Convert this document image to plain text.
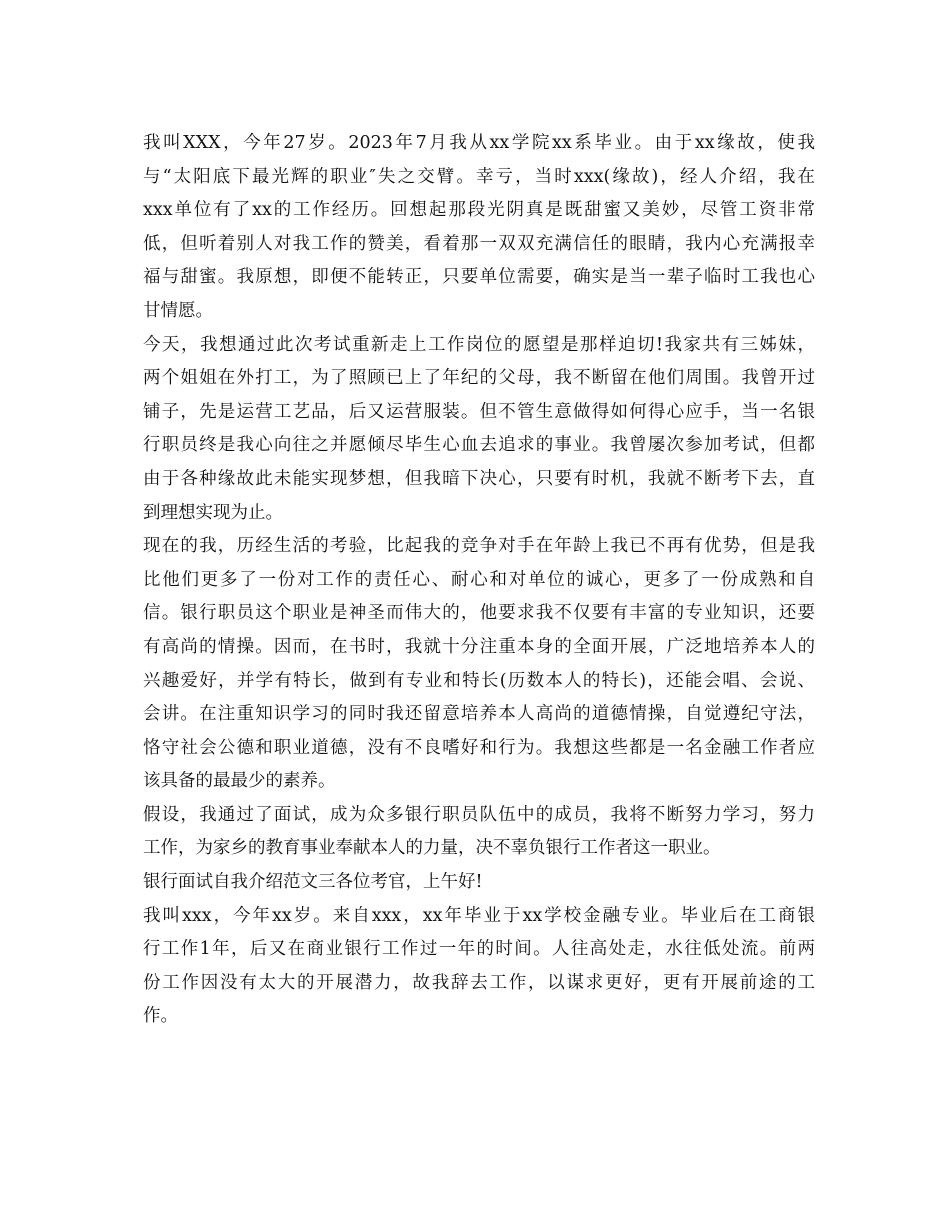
我叫XXX，今年27岁。2023年7月我从xx学院xx系毕业。由于xx缘故，使我
与“太阳底下最光辉的职业″失之交臂。幸亏，当时xxx(缘故)，经人介绍，我在
xxx单位有了xx的工作经历。回想起那段光阴真是既甜蜜又美妙，尽管工资非常
低，但听着别人对我工作的赞美，看着那一双双充满信任的眼睛，我内心充满报幸
福与甜蜜。我原想，即便不能转正，只要单位需要，确实是当一辈子临时工我也心
甘情愿。
今天，我想通过此次考试重新走上工作岗位的愿望是那样迫切!我家共有三姊妹，
两个姐姐在外打工，为了照顾已上了年纪的父母，我不断留在他们周围。我曾开过
铺子，先是运营工艺品，后又运营服装。但不管生意做得如何得心应手，当一名银
行职员终是我心向往之并愿倾尽毕生心血去追求的事业。我曾屡次参加考试，但都
由于各种缘故此未能实现梦想，但我暗下决心，只要有时机，我就不断考下去，直
到理想实现为止。
现在的我，历经生活的考验，比起我的竞争对手在年龄上我已不再有优势，但是我
比他们更多了一份对工作的责任心、耐心和对单位的诚心，更多了一份成熟和自
信。银行职员这个职业是神圣而伟大的，他要求我不仅要有丰富的专业知识，还要
有高尚的情操。因而，在书时，我就十分注重本身的全面开展，广泛地培养本人的
兴趣爱好，并学有特长，做到有专业和特长(历数本人的特长)，还能会唱、会说、
会讲。在注重知识学习的同时我还留意培养本人高尚的道德情操，自觉遵纪守法，
恪守社会公德和职业道德，没有不良嗜好和行为。我想这些都是一名金融工作者应
该具备的最最少的素养。
假设，我通过了面试，成为众多银行职员队伍中的成员，我将不断努力学习，努力
工作，为家乡的教育事业奉献本人的力量，决不辜负银行工作者这一职业。
银行面试自我介绍范文三各位考官，上午好!
我叫xxx，今年xx岁。来自xxx，xx年毕业于xx学校金融专业。毕业后在工商银
行工作1年，后又在商业银行工作过一年的时间。人往高处走，水往低处流。前两
份工作因没有太大的开展潜力，故我辞去工作，以谋求更好，更有开展前途的工
作。
